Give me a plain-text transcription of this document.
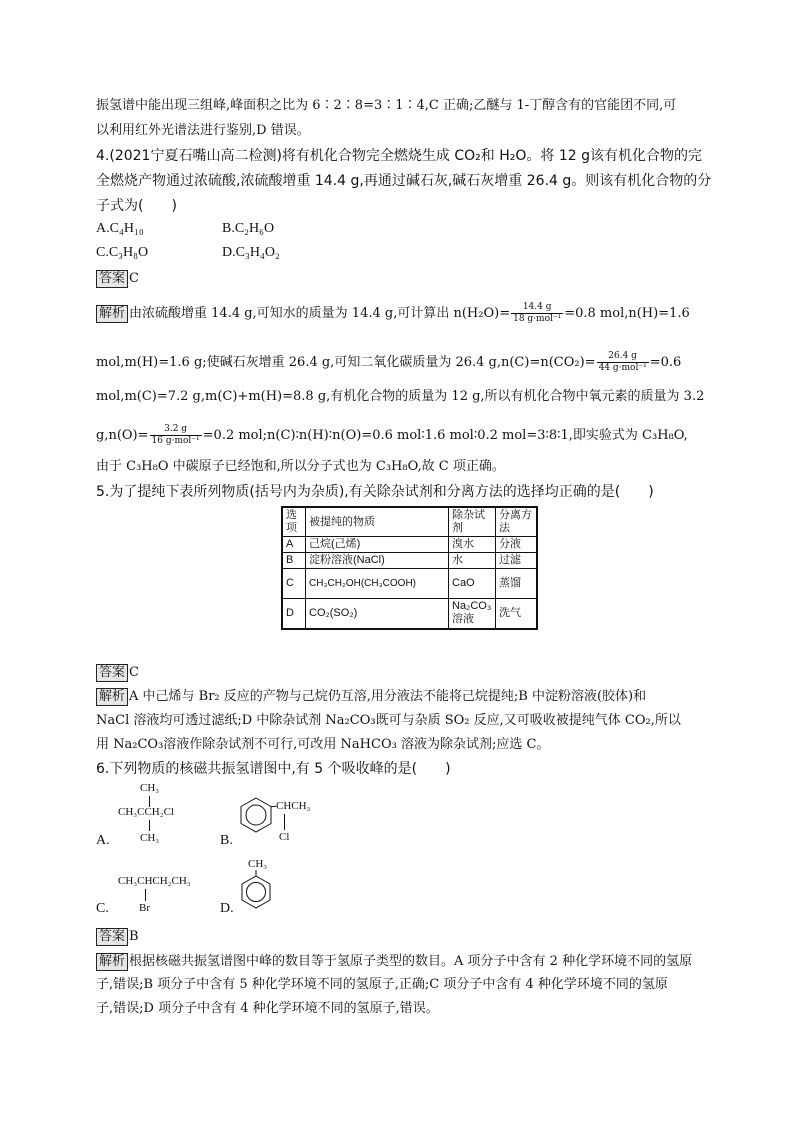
振氢谱中能出现三组峰,峰面积之比为 6∶2∶8=3∶1∶4,C 正确;乙醚与 1-丁醇含有的官能团不同,可
以利用红外光谱法进行鉴别,D 错误。
4.(2021宁夏石嘴山高二检测)将有机化合物完全燃烧生成 CO₂和 H₂O。将 12 g该有机化合物的完
全燃烧产物通过浓硫酸,浓硫酸增重 14.4 g,再通过碱石灰,碱石灰增重 26.4 g。则该有机化合物的分
子式为(　　)
A.C₄H₁₀	B.C₂H₆O
C.C₃H₈O	D.C₃H₄O₂
答案 C
解析 由浓硫酸增重 14.4 g,可知水的质量为 14.4 g,可计算出 $n(H_2O)= \frac{14.4 g}{\text{18 g·mol⁻¹}} =0.8$ mol,n(H)=1.6
mol,m(H)=1.6 g;使碱石灰增重 26.4 g,可知二氧化碳质量为 26.4 $g,n(C)=n(CO_2)= \frac{26.4 g}{\text{44 g·mol⁻¹}} =0.6$
mol,m(C)=7.2 g,m(C)+m(H)=8.8 g,有机化合物的质量为 12 g,所以有机化合物中氧元素的质量为 3.2
$g,n(O)= \frac{3.2 g}{\text{16 g·mol⁻¹}} =0.2$ mol;n(C)∶n(H)∶n(O)=0.6 mol∶1.6 mol∶0.2 mol=3∶8∶1,即实验式为 C₃H₈O,
由于 C₃H₈O 中碳原子已经饱和,所以分子式也为 C₃H₈O,故 C 项正确。
5.为了提纯下表所列物质(括号内为杂质),有关除杂试剂和分离方法的选择均正确的是(　　)
选项	被提纯的物质	除杂试剂	分离方法
A	己烷(己烯)	溴水	分液
B	淀粉溶液(NaCl)	水	过滤
C	CH₃CH₂OH(CH₃COOH)	CaO	蒸馏
D	CO₂(SO₂)	Na₂CO₃溶液	洗气
答案 C
解析 A 中己烯与 Br₂ 反应的产物与己烷仍互溶,用分液法不能将己烷提纯;B 中淀粉溶液(胶体)和
NaCl 溶液均可透过滤纸;D 中除杂试剂 Na₂CO₃既可与杂质 SO₂ 反应,又可吸收被提纯气体 CO₂,所以
用 Na₂CO₃溶液作除杂试剂不可行,可改用 NaHCO₃ 溶液为除杂试剂;应选 C。
6.下列物质的核磁共振氢谱图中,有 5 个吸收峰的是(　　)
A.
CH₃
CH₃CCH₂Cl
CH₃	B.
CHCH₃
Cl
C.
CH₃CHCH₂CH₃
Br	D.
CH₃
答案 B
解析 根据核磁共振氢谱图中峰的数目等于氢原子类型的数目。A 项分子中含有 2 种化学环境不同的氢原
子,错误;B 项分子中含有 5 种化学环境不同的氢原子,正确;C 项分子中含有 4 种化学环境不同的氢原
子,错误;D 项分子中含有 4 种化学环境不同的氢原子,错误。
